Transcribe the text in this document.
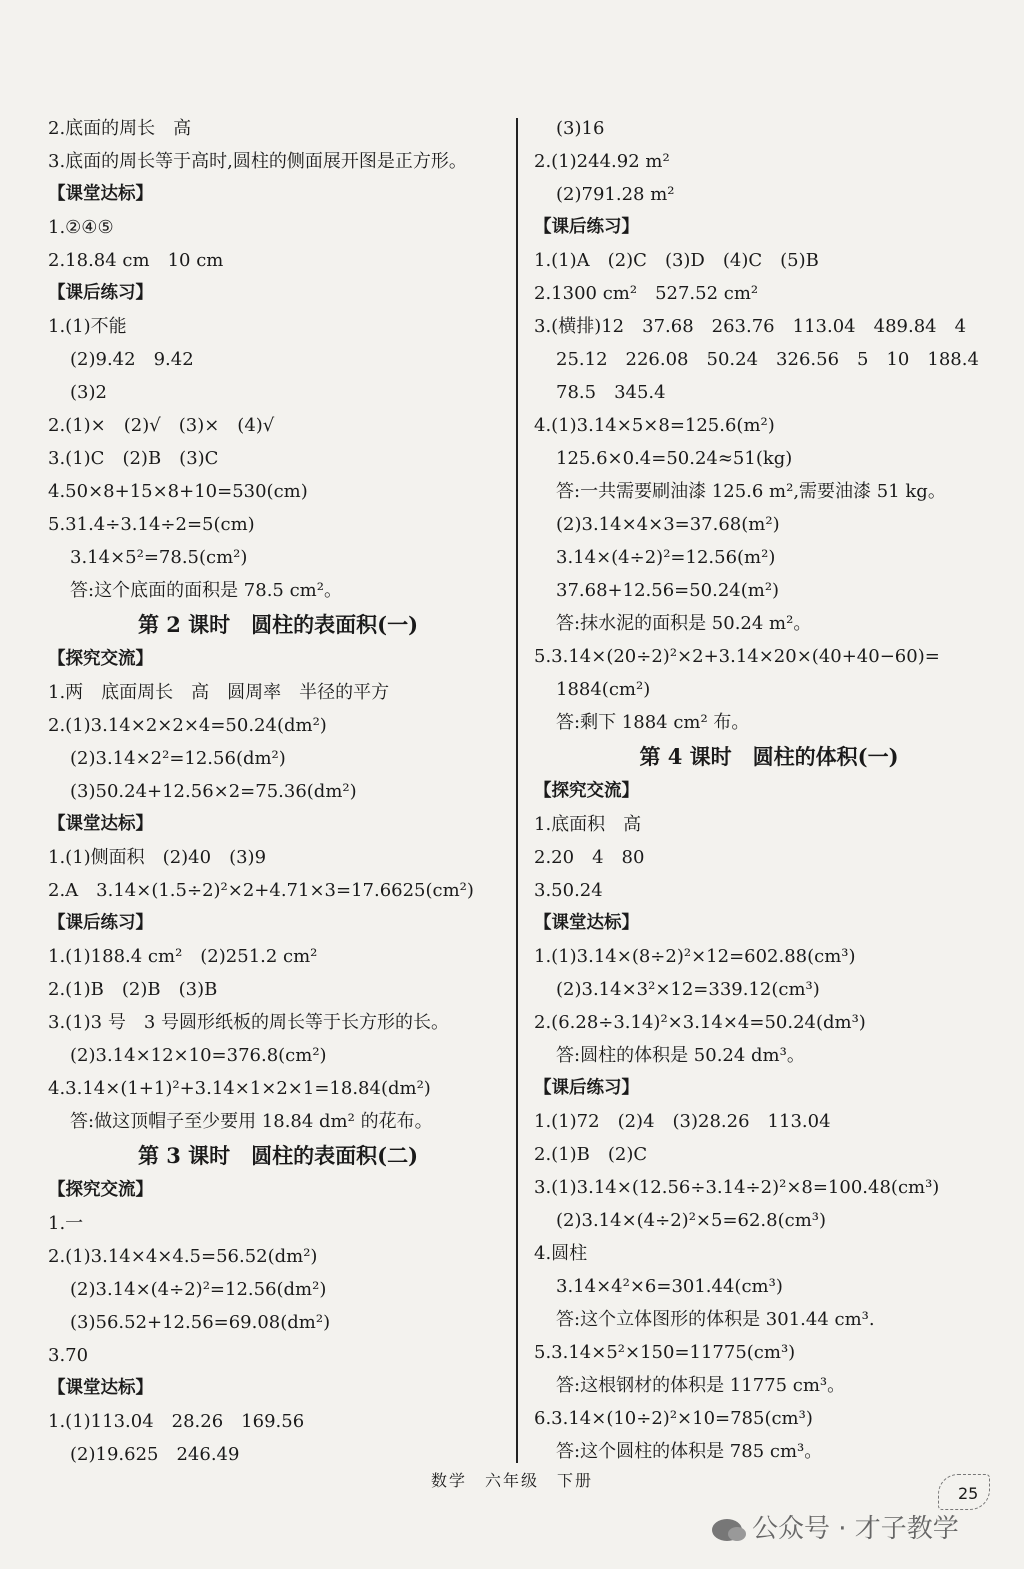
2.底面的周长　高
3.底面的周长等于高时,圆柱的侧面展开图是正方形。
【课堂达标】
1.②④⑤
2.18.84 cm　10 cm
【课后练习】
1.(1)不能
(2)9.42　9.42
(3)2
2.(1)×　(2)√　(3)×　(4)√
3.(1)C　(2)B　(3)C
4.50×8+15×8+10=530(cm)
5.31.4÷3.14÷2=5(cm)
3.14×5²=78.5(cm²)
答:这个底面的面积是 78.5 cm²。
第 2 课时　圆柱的表面积(一)
【探究交流】
1.两　底面周长　高　圆周率　半径的平方
2.(1)3.14×2×2×4=50.24(dm²)
(2)3.14×2²=12.56(dm²)
(3)50.24+12.56×2=75.36(dm²)
【课堂达标】
1.(1)侧面积　(2)40　(3)9
2.A　3.14×(1.5÷2)²×2+4.71×3=17.6625(cm²)
【课后练习】
1.(1)188.4 cm²　(2)251.2 cm²
2.(1)B　(2)B　(3)B
3.(1)3 号　3 号圆形纸板的周长等于长方形的长。
(2)3.14×12×10=376.8(cm²)
4.3.14×(1+1)²+3.14×1×2×1=18.84(dm²)
答:做这顶帽子至少要用 18.84 dm² 的花布。
第 3 课时　圆柱的表面积(二)
【探究交流】
1.一
2.(1)3.14×4×4.5=56.52(dm²)
(2)3.14×(4÷2)²=12.56(dm²)
(3)56.52+12.56=69.08(dm²)
3.70
【课堂达标】
1.(1)113.04　28.26　169.56
(2)19.625　246.49
(3)16
2.(1)244.92 m²
(2)791.28 m²
【课后练习】
1.(1)A　(2)C　(3)D　(4)C　(5)B
2.1300 cm²　527.52 cm²
3.(横排)12　37.68　263.76　113.04　489.84　4
25.12　226.08　50.24　326.56　5　10　188.4
78.5　345.4
4.(1)3.14×5×8=125.6(m²)
125.6×0.4=50.24≈51(kg)
答:一共需要刷油漆 125.6 m²,需要油漆 51 kg。
(2)3.14×4×3=37.68(m²)
3.14×(4÷2)²=12.56(m²)
37.68+12.56=50.24(m²)
答:抹水泥的面积是 50.24 m²。
5.3.14×(20÷2)²×2+3.14×20×(40+40−60)=
1884(cm²)
答:剩下 1884 cm² 布。
第 4 课时　圆柱的体积(一)
【探究交流】
1.底面积　高
2.20　4　80
3.50.24
【课堂达标】
1.(1)3.14×(8÷2)²×12=602.88(cm³)
(2)3.14×3²×12=339.12(cm³)
2.(6.28÷3.14)²×3.14×4=50.24(dm³)
答:圆柱的体积是 50.24 dm³。
【课后练习】
1.(1)72　(2)4　(3)28.26　113.04
2.(1)B　(2)C
3.(1)3.14×(12.56÷3.14÷2)²×8=100.48(cm³)
(2)3.14×(4÷2)²×5=62.8(cm³)
4.圆柱
3.14×4²×6=301.44(cm³)
答:这个立体图形的体积是 301.44 cm³.
5.3.14×5²×150=11775(cm³)
答:这根钢材的体积是 11775 cm³。
6.3.14×(10÷2)²×10=785(cm³)
答:这个圆柱的体积是 785 cm³。
数学　六年级　下册
25
公众号 · 才子教学
